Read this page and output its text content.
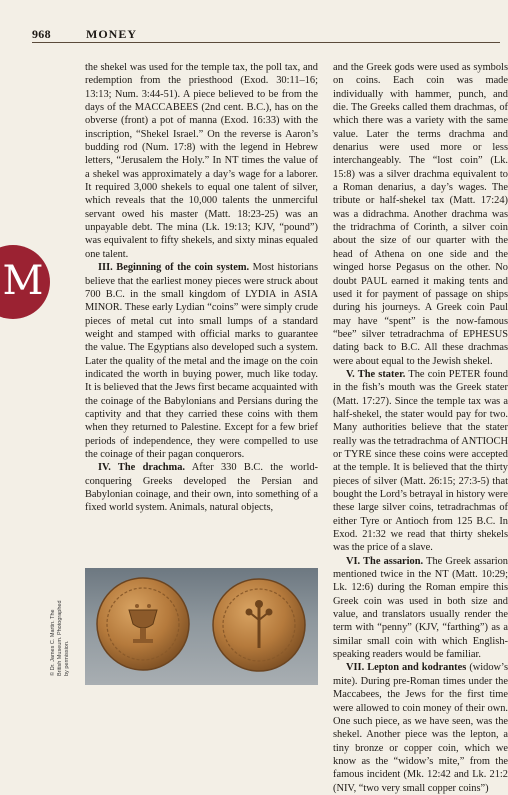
968	MONEY
M

the shekel was used for the temple tax, the poll tax, and redemption from the priesthood (Exod. 30:11–16; 13:13; Num. 3:44-51). A piece believed to be from the days of the MACCABEES (2nd cent. B.C.), has on the obverse (front) a pot of manna (Exod. 16:33) with the inscription, “Shekel Israel.” On the reverse is Aaron’s budding rod (Num. 17:8) with the legend in Hebrew letters, “Jerusalem the Holy.” In NT times the value of a shekel was approximately a day’s wage for a laborer. It required 3,000 shekels to equal one talent of silver, which reveals that the 10,000 talents the unmerciful servant owed his master (Matt. 18:23-25) was an unpayable debt. The mina (Lk. 19:13; KJV, “pound”) was equivalent to fifty shekels, and sixty minas equaled one talent.

III. Beginning of the coin system. Most historians believe that the earliest money pieces were struck about 700 B.C. in the small kingdom of LYDIA in ASIA MINOR. These early Lydian “coins” were simply crude pieces of metal cut into small lumps of a standard weight and stamped with official marks to guarantee the value. The Egyptians also developed such a system. Later the quality of the metal and the image on the coin indicated the worth in buying power, much like today. It is believed that the Jews first became acquainted with the coinage of the Babylonians and Persians during the captivity and that they carried these coins with them when they returned to Palestine. Except for a few brief periods of independence, they were compelled to use the coinage of their pagan conquerors.

IV. The drachma. After 330 B.C. the world-conquering Greeks developed the Persian and Babylonian coinage, and their own, into something of a fixed world system. Animals, natural objects,

and the Greek gods were used as symbols on coins. Each coin was made individually with hammer, punch, and die. The Greeks called them drachmas, of which there was a variety with the same value. Later the terms drachma and denarius were used more or less interchangeably. The “lost coin” (Lk. 15:8) was a silver drachma equivalent to a Roman denarius, a day’s wages. The tribute or half-shekel tax (Matt. 17:24) was a didrachma. Another drachma was the tridrachma of Corinth, a silver coin about the size of our quarter with the head of Athena on one side and the winged horse Pegasus on the other. No doubt PAUL earned it making tents and used it for payment of passage on ships during his journeys. A Greek coin Paul may have “spent” is the now-famous “bee” silver tetradrachma of EPHESUS dating back to B.C. All these drachmas were about equal to the Jewish shekel.

V. The stater. The coin PETER found in the fish’s mouth was the Greek stater (Matt. 17:27). Since the temple tax was a half-shekel, the stater would pay for two. Many authorities believe that the stater really was the tetradrachma of ANTIOCH or TYRE since these coins were accepted at the temple. It is believed that the thirty pieces of silver (Matt. 26:15; 27:3-5) that bought the Lord’s betrayal in history were these large silver coins, tetradrachmas of either Tyre or Antioch from 125 B.C. In Exod. 21:32 we read that thirty shekels was the price of a slave.

VI. The assarion. The Greek assarion mentioned twice in the NT (Matt. 10:29; Lk. 12:6) during the Roman empire this Greek coin was used in both size and value, and translators usually render the term with “penny” (KJV, “farthing”) as a similar small coin with which English-speaking readers would be familiar.

VII. Lepton and kodrantes (widow’s mite). During pre-Roman times under the Maccabees, the Jews for the first time were allowed to coin money of their own. One such piece, as we have seen, was the shekel. Another piece was the lepton, a tiny bronze or copper coin, which we know as the “widow’s mite,” from the famous incident (Mk. 12:42 and Lk. 21:2 (NIV, “two very small copper coins”)

© Dr. James C. Martin. The British Museum. Photographed by permission.
